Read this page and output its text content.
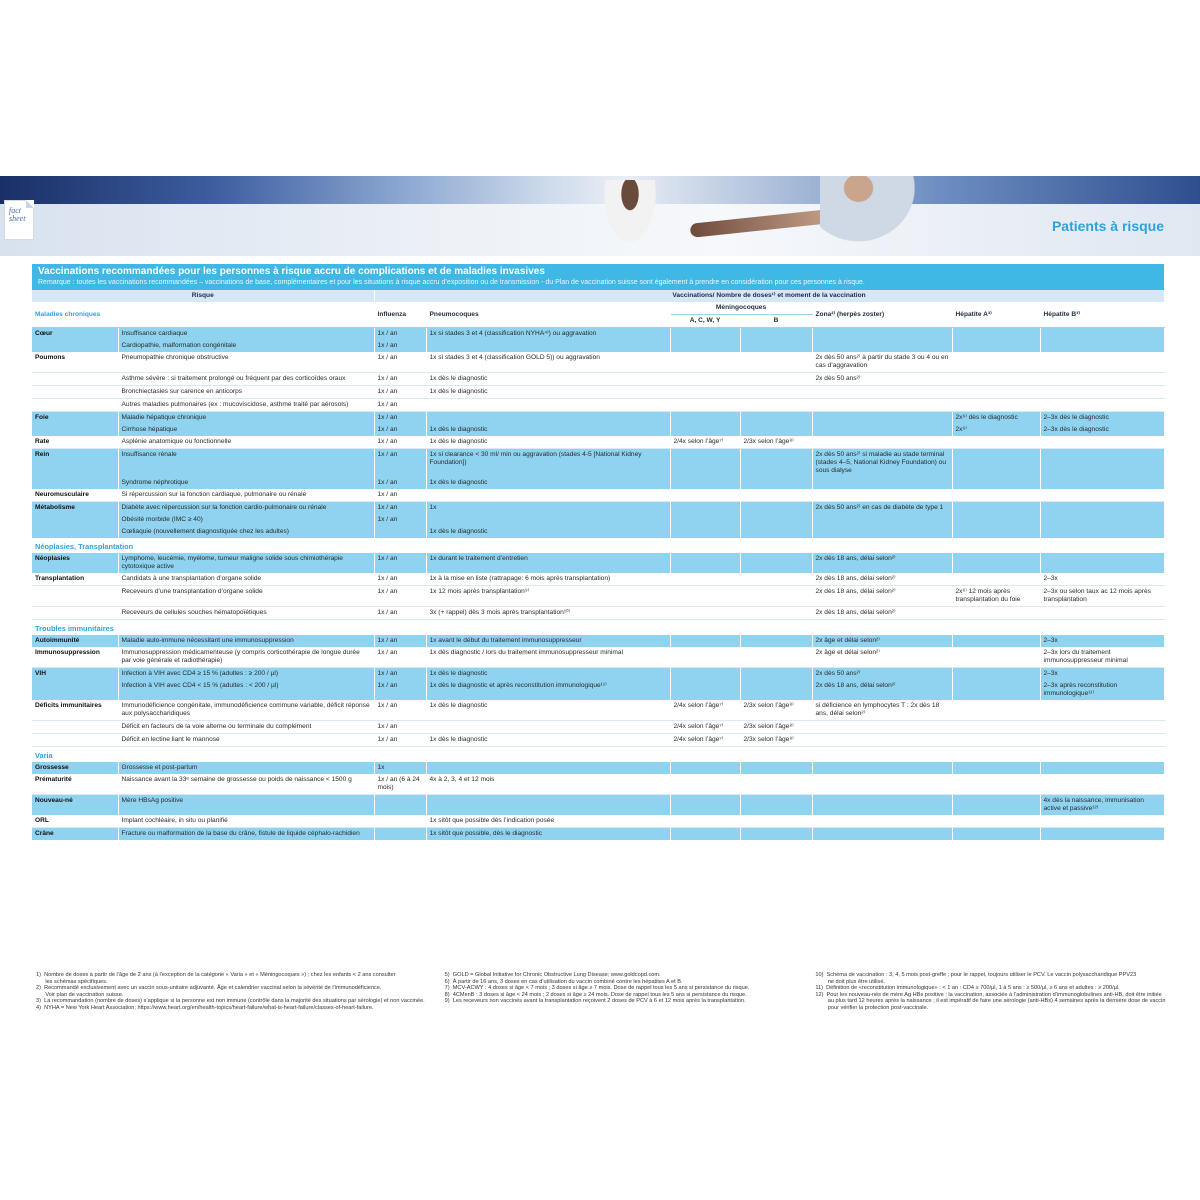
fact
sheet	Patients à risque
Vaccinations recommandées pour les personnes à risque accru de complications et de maladies invasives
Remarque : toutes les vaccinations recommandées – vaccinations de base, complémentaires et pour les situations à risque accru d’exposition ou de transmission - du Plan de vaccination suisse sont également à prendre en considération pour ces personnes à risque.
Risque		Vaccinations/ Nombre de doses¹⁾ et moment de la vaccination						
Maladies chroniques		Influenza	Pneumocoques	Méningocoques		Zona²⁾ (herpès zoster)	Hépatite A³⁾	Hépatite B³⁾
				A, C, W, Y	B			
Cœur	Insuffisance cardiaque	1x / an	1x si stades 3 et 4 (classification NYHA⁴⁾) ou aggravation					
	Cardiopathie, malformation congénitale	1x / an						
Poumons	Pneumopathie chronique obstructive	1x / an	1x si stades 3 et 4 (classification GOLD 5)) ou aggravation			2x dès 50 ans²⁾ à partir du stade 3 ou 4 ou en cas d’aggravation		
	Asthme sévère : si traitement prolongé ou fréquent par des corticoïdes oraux	1x / an	1x dès le diagnostic			2x dès 50 ans²⁾		
	Bronchiectasies sur carence en anticorps	1x / an	1x dès le diagnostic					
	Autres maladies pulmonaires (ex : mucoviscidose, asthme traité par aérosols)	1x / an						
Foie	Maladie hépatique chronique	1x / an					2x⁶⁾ dès le diagnostic	2–3x dès le diagnostic
	Cirrhose hépatique	1x / an	1x dès le diagnostic				2x⁶⁾	2–3x dès le diagnostic
Rate	Asplénie anatomique ou fonctionnelle	1x / an	1x dès le diagnostic	2/4x selon l’âge⁷⁾	2/3x selon l’âge⁸⁾			
Rein	Insuffisance rénale	1x / an	1x si clearance < 30 ml/ min ou aggravation (stades 4-5 [National Kidney Foundation])			2x dès 50 ans²⁾ si maladie au stade terminal (stades 4–5, National Kidney Foundation) ou sous dialyse		
	Syndrome néphrotique	1x / an	1x dès le diagnostic					
Neuromusculaire	Si répercussion sur la fonction cardiaque, pulmonaire ou rénale	1x / an						
Métabolisme	Diabète avec répercussion sur la fonction cardio-pulmonaire ou rénale	1x / an	1x			2x dès 50 ans²⁾ en cas de diabète de type 1		
	Obésité morbide (IMC ≥ 40)	1x / an						
	Cœliaquie (nouvellement diagnostiquée chez les adultes)		1x dès le diagnostic					
Néoplasies, Transplantation								
Néoplasies	Lymphome, leucémie, myélome, tumeur maligne solide sous chimiothérapie cytotoxique active	1x / an	1x durant le traitement d’entretien			2x dès 18 ans, délai selon²⁾		
Transplantation	Candidats à une transplantation d’organe solide	1x / an	1x à la mise en liste (rattrapage: 6 mois après transplantation)			2x dès 18 ans, délai selon²⁾		2–3x
	Receveurs d’une transplantation d’organe solide	1x / an	1x 12 mois après transplantation⁹⁾			2x dès 18 ans, délai selon²⁾	2x⁶⁾ 12 mois après transplantation du foie	2–3x ou selon taux ac 12 mois après transplantation
	Receveurs de cellules souches hématopoïétiques	1x / an	3x (+ rappel) dès 3 mois après transplantation¹⁰⁾			2x dès 18 ans, délai selon²⁾		
Troubles immunitaires								
Autoimmunité	Maladie auto-immune nécessitant une immunosuppression	1x / an	1x avant le début du traitement immunosuppresseur			2x âge et délai selon²⁾		2–3x
Immunosuppression	Immunosuppression médicamenteuse (y compris corticothérapie de longue durée par voie générale et radiothérapie)	1x / an	1x dès diagnostic / lors du traitement immunosuppresseur minimal			2x âge et délai selon²⁾		2–3x lors du traitement immunosuppresseur minimal
VIH	Infection à VIH avec CD4 ≥ 15 % (adultes : ≥ 200 / µl)	1x / an	1x dès le diagnostic			2x dès 50 ans²⁾		2–3x
	Infection à VIH avec CD4 < 15 % (adultes : < 200 / µl)	1x / an	1x dès le diagnostic et après reconstitution immunologique¹¹⁾			2x dès 18 ans, délai selon²⁾		2–3x après reconstitution immunologique¹¹⁾
Déficits immunitaires	Immunodéficience congénitale, immunodéficience commune variable, déficit réponse aux polysaccharidiques	1x / an	1x dès le diagnostic	2/4x selon l’âge⁷⁾	2/3x selon l’âge⁸⁾	si déficience en lymphocytes T : 2x dès 18 ans, délai selon²⁾		
	Déficit en facteurs de la voie alterne ou terminale du complément	1x / an		2/4x selon l’âge⁷⁾	2/3x selon l’âge⁸⁾			
	Déficit en lectine liant le mannose	1x / an	1x dès le diagnostic	2/4x selon l’âge⁷⁾	2/3x selon l’âge⁸⁾			
Varia								
Grossesse	Grossesse et post-partum	1x						
Prématurité	Naissance avant la 33ᵉ semaine de grossesse ou poids de naissance < 1500 g	1x / an (6 à 24 mois)	4x à 2, 3, 4 et 12 mois					
Nouveau-né	Mère HBsAg positive							4x dès la naissance, immunisation active et passive¹²⁾
ORL	Implant cochléaire, in situ ou planifié		1x sitôt que possible dès l’indication posée					
Crâne	Fracture ou malformation de la base du crâne, fistule de liquide céphalo-rachidien		1x sitôt que possible, dès le diagnostic					
1)  Nombre de doses à partir de l’âge de 2 ans (à l’exception de la catégorie « Varia » et « Méningocoques ») ; chez les enfants < 2 ans consulter
les schémas spécifiques.
2)  Recommandé exclusivement avec un vaccin sous-unitaire adjuvanté. Âge et calendrier vaccinal selon la sévérité de l’immunodéficience.
Voir plan de vaccination suisse.
3)  La recommandation (nombre de doses) s’applique si la personne est non immune (contrôle dans la majorité des situations par sérologie) et non vaccinée.
4)  NYHA = New York Heart Association; https://www.heart.org/en/health-topics/heart-failure/what-is-heart-failure/classes-of-heart-failure.
5)  GOLD = Global Initiative for Chronic Obstructive Lung Disease; www.goldcopd.com.
6)  À partir de 16 ans, 3 doses en cas d’utilisation du vaccin combiné contre les hépatites A et B.
7)  MCV-ACWY : 4 doses si âge < 7 mois ; 3 doses si âge ≥ 7 mois. Dose de rappel tous les 5 ans si persistance du risque.
8)  4CMenB : 3 doses si âge < 24 mois ; 2 doses si âge ≥ 24 mois. Dose de rappel tous les 5 ans si persistance du risque.
9)  Les receveurs non vaccinés avant la transplantation reçoivent 2 doses de PCV à 6 et 12 mois après la transplantation.
10)  Schéma de vaccination : 3, 4, 5 mois post-greffe ; pour le rappel, toujours utiliser le PCV. Le vaccin polysaccharidique PPV23
ne doit plus être utilisé.
11)  Définition de «reconstitution immunologique» : < 1 an : CD4 ≥ 700/µl, 1 à 5 ans : ≥ 500/µl, ≥ 6 ans et adultes : ≥ 200/µl.
12)  Pour les nouveau-nés de mère Ag HBs positive : la vaccination, associée à l’administration d’immunoglobulines anti-HB, doit être initiée
au plus tard 12 heures après la naissance ; il est impératif de faire une sérologie (anti-HBs) 4 semaines après la dernière dose de vaccin
pour vérifier la protection post-vaccinale.
